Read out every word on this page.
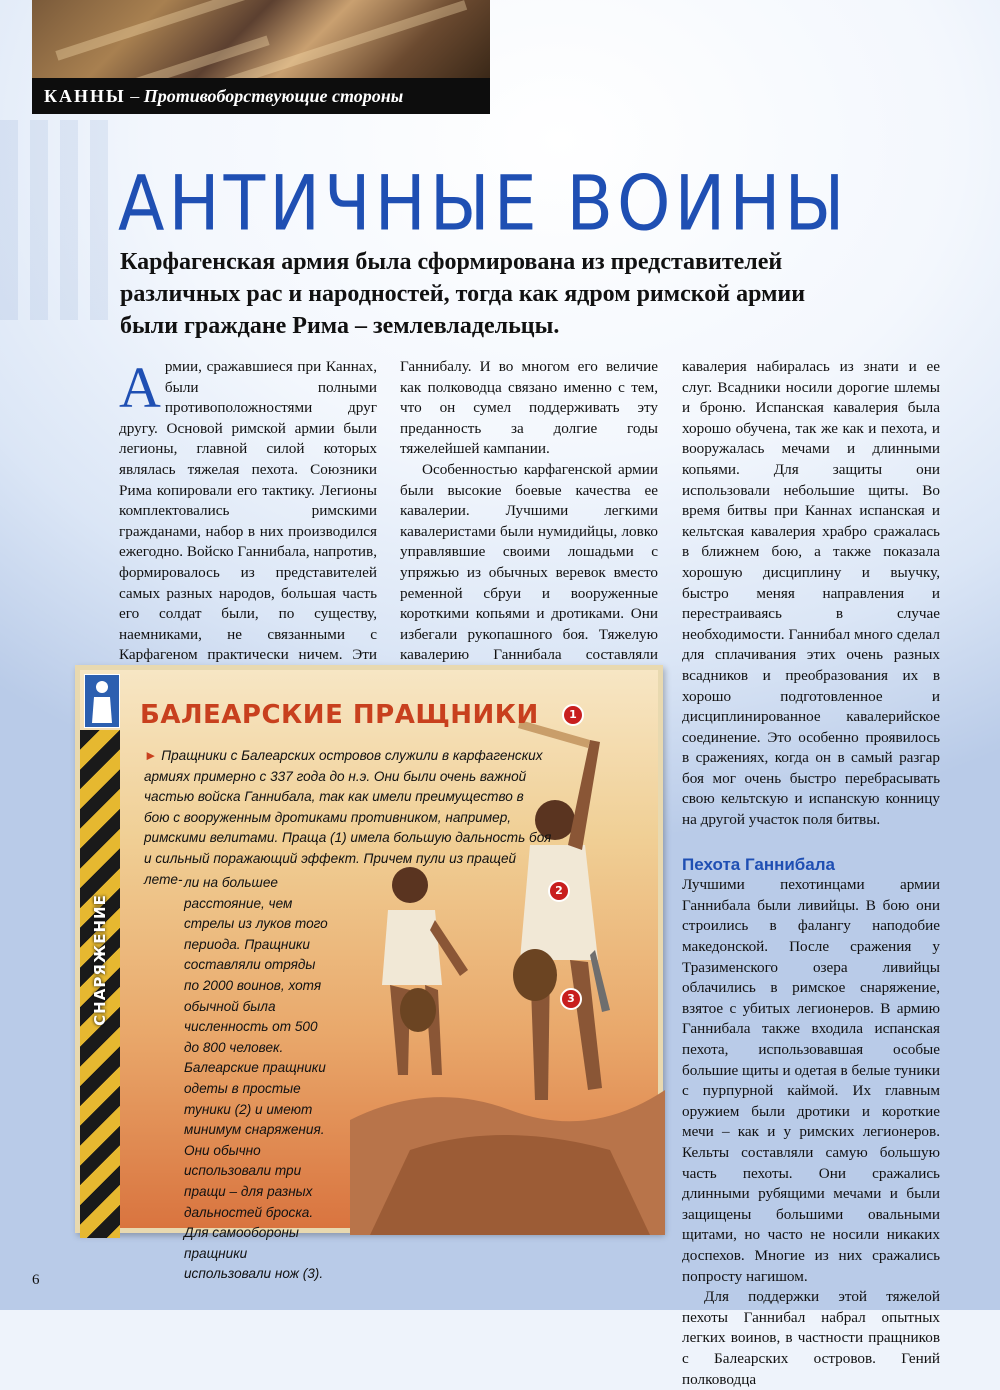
КАННЫ – Противоборствующие стороны
АНТИЧНЫЕ ВОИНЫ

Карфагенская армия была сформирована из представителей различных рас и народностей, тогда как ядром римской армии были граждане Рима – землевладельцы.

Армии, сражавшиеся при Каннах, были полными противоположностями друг другу. Основой римской армии были легионы, главной силой которых являлась тяжелая пехота. Союзники Рима копировали его тактику. Легионы комплектовались римскими гражданами, набор в них производился ежегодно. Войско Ганнибала, напротив, формировалось из представителей самых разных народов, большая часть его солдат были, по существу, наемниками, не связанными с Карфагеном практически ничем. Эти

Ганнибалу. И во многом его величие как полководца связано именно с тем, что он сумел поддерживать эту преданность за долгие годы тяжелейшей кампании.

Особенностью карфагенской армии были высокие боевые качества ее кавалерии. Лучшими легкими кавалеристами были нумидийцы, ловко управлявшие своими лошадьми с упряжью из обычных веревок вместо ременной сбруи и вооруженные короткими копьями и дротиками. Они избегали рукопашного боя. Тяжелую кавалерию Ганнибала составляли

кавалерия набиралась из знати и ее слуг. Всадники носили дорогие шлемы и броню. Испанская кавалерия была хорошо обучена, так же как и пехота, и вооружалась мечами и длинными копьями. Для защиты они использовали небольшие щиты. Во время битвы при Каннах испанская и кельтская кавалерия храбро сражалась в ближнем бою, а также показала хорошую дисциплину и выучку, быстро меняя направления и перестраиваясь в случае необходимости. Ганнибал много сделал для сплачивания этих очень разных всадников и преобразования их в хорошо подготовленное и дисциплинированное кавалерийское соединение. Это особенно проявилось в сражениях, когда он в самый разгар боя мог очень быстро перебрасывать свою кельтскую и испанскую конницу на другой участок поля битвы.

Пехота Ганнибала

Лучшими пехотинцами армии Ганнибала были ливийцы. В бою они строились в фалангу наподобие македонской. После сражения у Тразименского озера ливийцы облачились в римское снаряжение, взятое с убитых легионеров. В армию Ганнибала также входила испанская пехота, использовавшая особые большие щиты и одетая в белые туники с пурпурной каймой. Их главным оружием были дротики и короткие мечи – как и у римских легионеров. Кельты составляли самую большую часть пехоты. Они сражались длинными рубящими мечами и были защищены большими овальными щитами, но часто не носили никаких доспехов. Многие из них сражались попросту нагишом.

Для поддержки этой тяжелой пехоты Ганнибал набрал опытных легких воинов, в частности пращников с Балеарских островов. Гений полководца

СНАРЯЖЕНИЕ
1
2
3
БАЛЕАРСКИЕ ПРАЩНИКИ

► Пращники с Балеарских островов служили в карфагенских армиях примерно с 337 года до н.э. Они были очень важной частью войска Ганнибала, так как имели преимущество в бою с вооруженным дротиками противником, например, римскими велитами. Праща (1) имела большую дальность боя и сильный поражающий эффект. Причем пули из пращей лете- ли на большее расстояние, чем стрелы из луков того периода. Пращники составляли отряды по 2000 воинов, хотя обычной была численность от 500 до 800 человек. Балеарские пращники одеты в простые туники (2) и имеют минимум снаряжения. Они обычно использовали три пращи – для разных дальностей броска. Для самообороны пращники использовали нож (3).

6
